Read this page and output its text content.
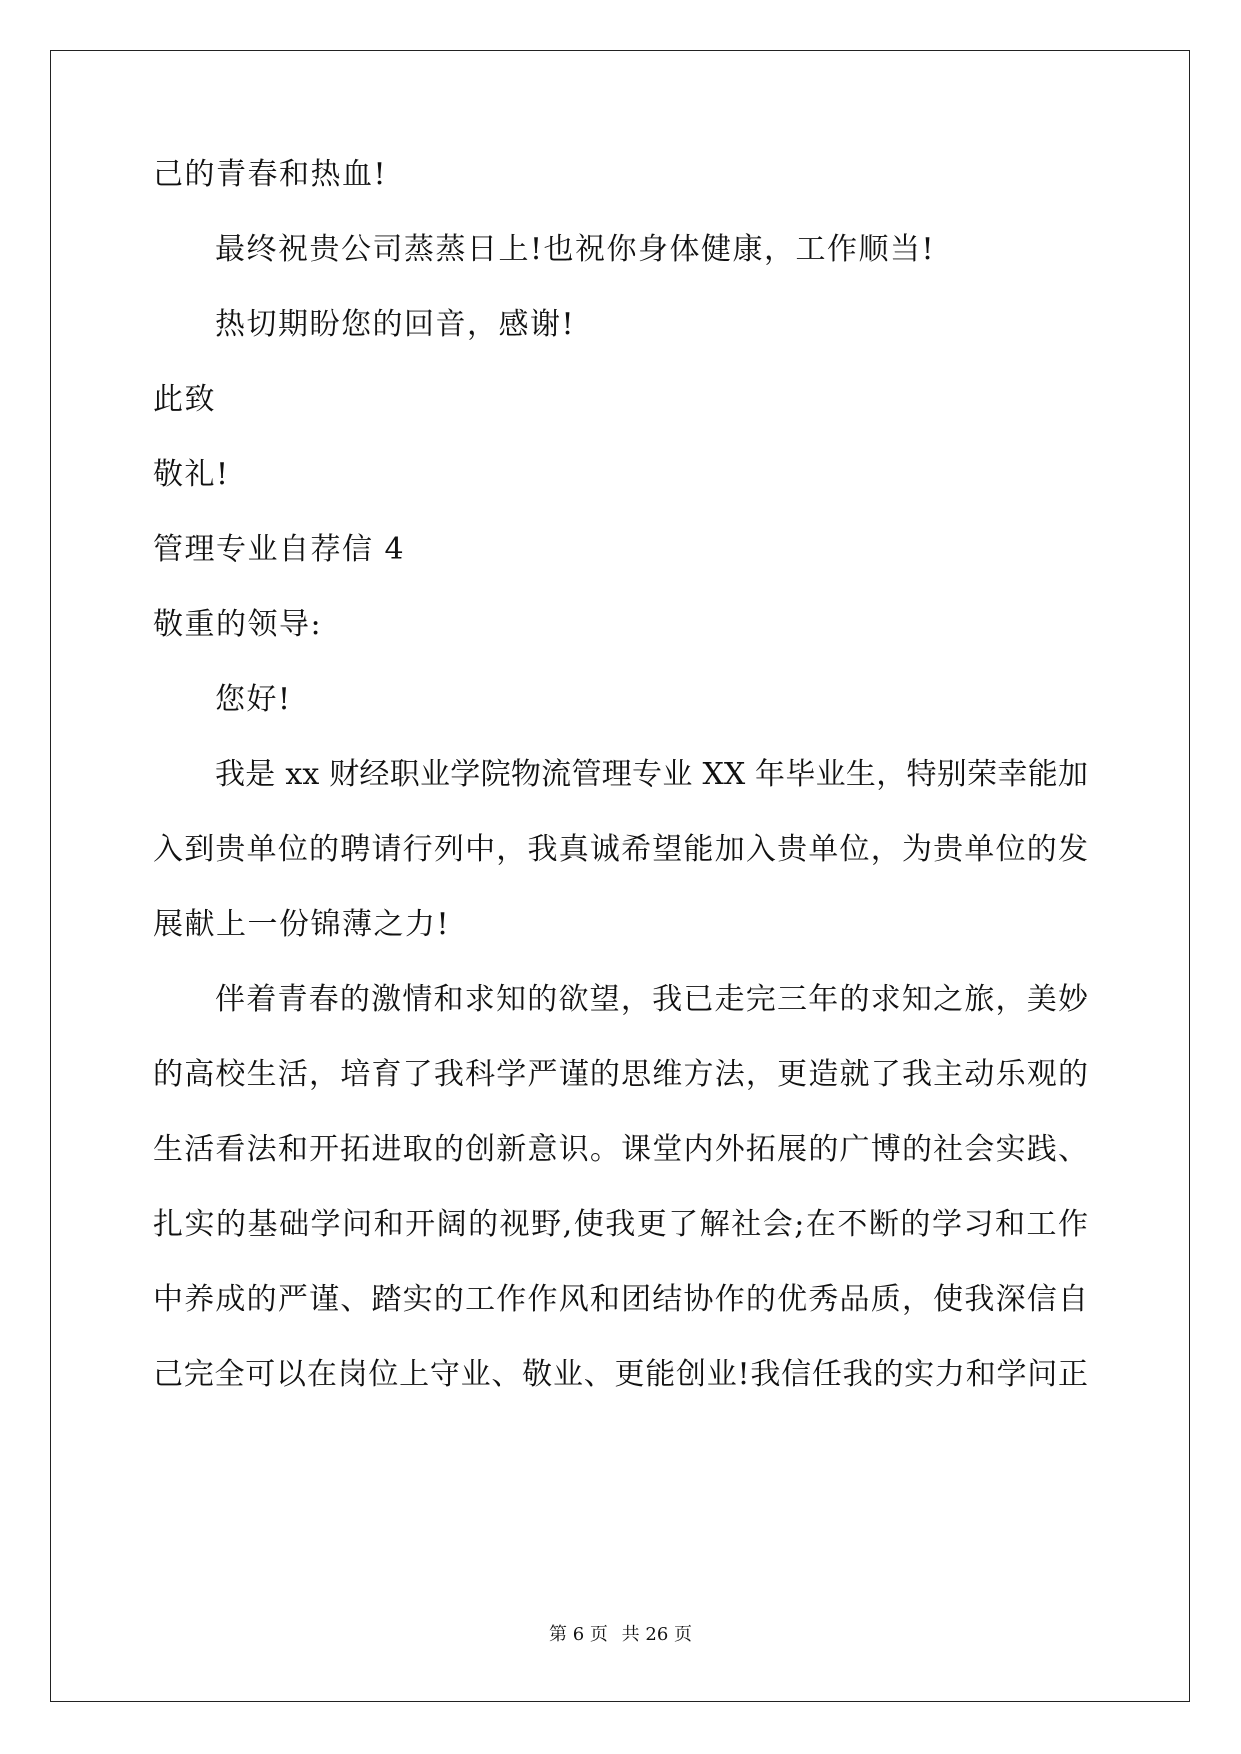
己的青春和热血!
最终祝贵公司蒸蒸日上!也祝你身体健康，工作顺当!
热切期盼您的回音，感谢!
此致
敬礼!
管理专业自荐信 4
敬重的领导:
您好!
我是 xx 财经职业学院物流管理专业 XX 年毕业生，特别荣幸能加
入到贵单位的聘请行列中，我真诚希望能加入贵单位，为贵单位的发
展献上一份锦薄之力!
伴着青春的激情和求知的欲望，我已走完三年的求知之旅，美妙
的高校生活，培育了我科学严谨的思维方法，更造就了我主动乐观的
生活看法和开拓进取的创新意识。课堂内外拓展的广博的社会实践、
扎实的基础学问和开阔的视野,使我更了解社会;在不断的学习和工作
中养成的严谨、踏实的工作作风和团结协作的优秀品质，使我深信自
己完全可以在岗位上守业、敬业、更能创业!我信任我的实力和学问正
第 6 页 共 26 页
